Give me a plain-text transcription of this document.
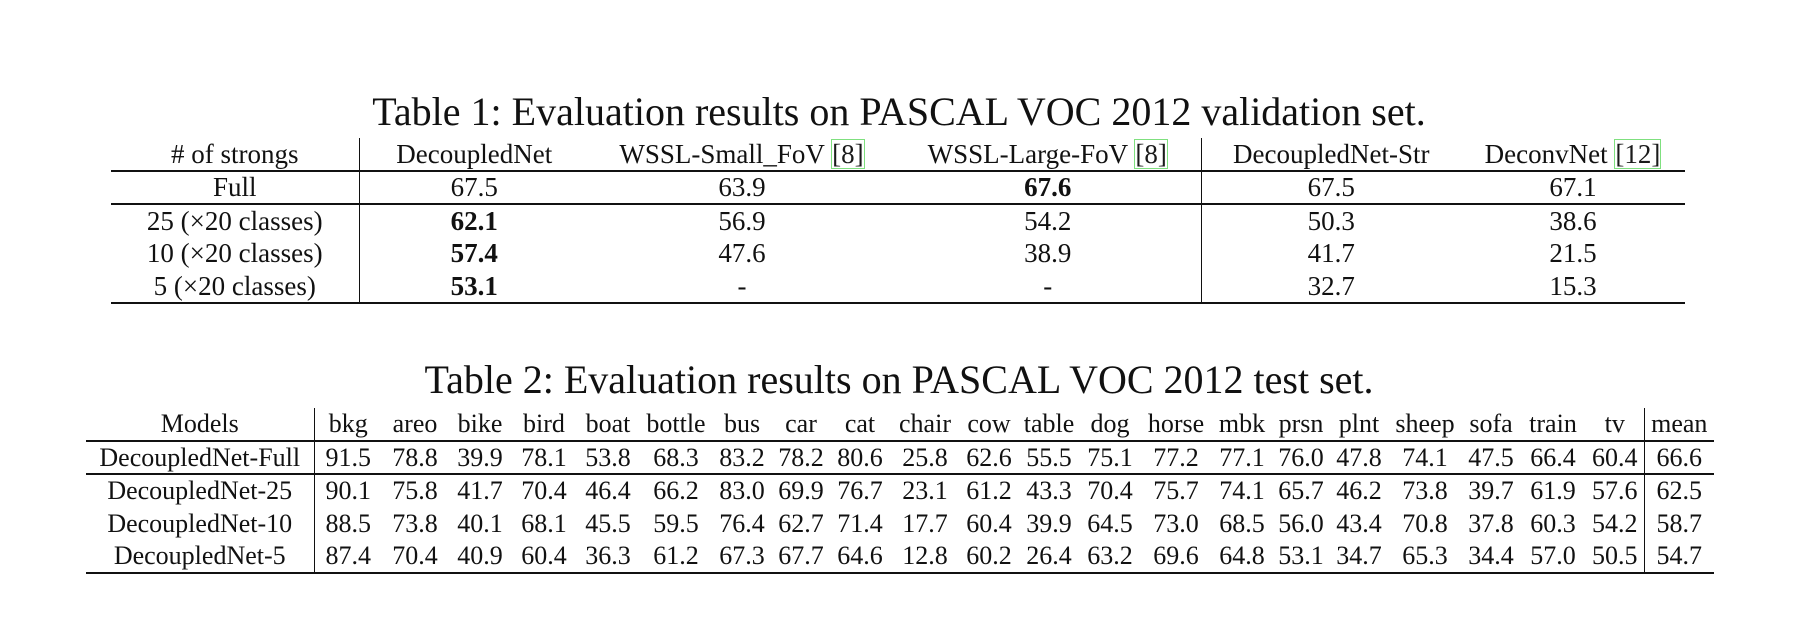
Table 1: Evaluation results on PASCAL VOC 2012 validation set.
# of strongs	DecoupledNet	WSSL-Small_FoV [8]	WSSL-Large-FoV [8]	DecoupledNet-Str	DeconvNet [12]
Full	67.5	63.9	67.6	67.5	67.1
25 (×20 classes)	62.1	56.9	54.2	50.3	38.6
10 (×20 classes)	57.4	47.6	38.9	41.7	21.5
5 (×20 classes)	53.1	-	-	32.7	15.3
Table 2: Evaluation results on PASCAL VOC 2012 test set.
Models	bkg	areo	bike	bird	boat	bottle	bus	car	cat	chair	cow	table	dog	horse	mbk	prsn	plnt	sheep	sofa	train	tv	mean
DecoupledNet-Full	91.5	78.8	39.9	78.1	53.8	68.3	83.2	78.2	80.6	25.8	62.6	55.5	75.1	77.2	77.1	76.0	47.8	74.1	47.5	66.4	60.4	66.6
DecoupledNet-25	90.1	75.8	41.7	70.4	46.4	66.2	83.0	69.9	76.7	23.1	61.2	43.3	70.4	75.7	74.1	65.7	46.2	73.8	39.7	61.9	57.6	62.5
DecoupledNet-10	88.5	73.8	40.1	68.1	45.5	59.5	76.4	62.7	71.4	17.7	60.4	39.9	64.5	73.0	68.5	56.0	43.4	70.8	37.8	60.3	54.2	58.7
DecoupledNet-5	87.4	70.4	40.9	60.4	36.3	61.2	67.3	67.7	64.6	12.8	60.2	26.4	63.2	69.6	64.8	53.1	34.7	65.3	34.4	57.0	50.5	54.7
